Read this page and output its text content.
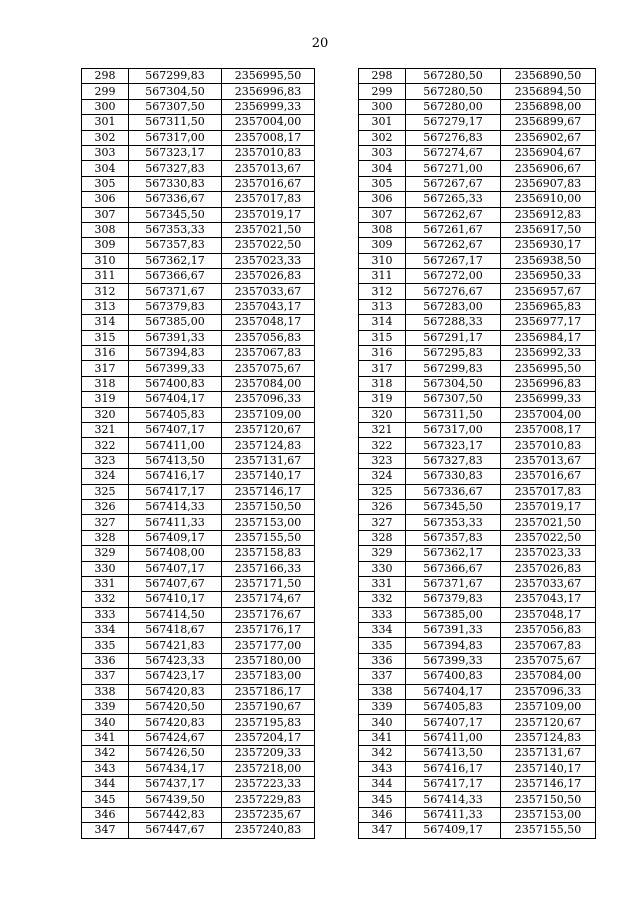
20
298	567299,83	2356995,50		298	567280,50	2356890,50
299	567304,50	2356996,83		299	567280,50	2356894,50
300	567307,50	2356999,33		300	567280,00	2356898,00
301	567311,50	2357004,00		301	567279,17	2356899,67
302	567317,00	2357008,17		302	567276,83	2356902,67
303	567323,17	2357010,83		303	567274,67	2356904,67
304	567327,83	2357013,67		304	567271,00	2356906,67
305	567330,83	2357016,67		305	567267,67	2356907,83
306	567336,67	2357017,83		306	567265,33	2356910,00
307	567345,50	2357019,17		307	567262,67	2356912,83
308	567353,33	2357021,50		308	567261,67	2356917,50
309	567357,83	2357022,50		309	567262,67	2356930,17
310	567362,17	2357023,33		310	567267,17	2356938,50
311	567366,67	2357026,83		311	567272,00	2356950,33
312	567371,67	2357033,67		312	567276,67	2356957,67
313	567379,83	2357043,17		313	567283,00	2356965,83
314	567385,00	2357048,17		314	567288,33	2356977,17
315	567391,33	2357056,83		315	567291,17	2356984,17
316	567394,83	2357067,83		316	567295,83	2356992,33
317	567399,33	2357075,67		317	567299,83	2356995,50
318	567400,83	2357084,00		318	567304,50	2356996,83
319	567404,17	2357096,33		319	567307,50	2356999,33
320	567405,83	2357109,00		320	567311,50	2357004,00
321	567407,17	2357120,67		321	567317,00	2357008,17
322	567411,00	2357124,83		322	567323,17	2357010,83
323	567413,50	2357131,67		323	567327,83	2357013,67
324	567416,17	2357140,17		324	567330,83	2357016,67
325	567417,17	2357146,17		325	567336,67	2357017,83
326	567414,33	2357150,50		326	567345,50	2357019,17
327	567411,33	2357153,00		327	567353,33	2357021,50
328	567409,17	2357155,50		328	567357,83	2357022,50
329	567408,00	2357158,83		329	567362,17	2357023,33
330	567407,17	2357166,33		330	567366,67	2357026,83
331	567407,67	2357171,50		331	567371,67	2357033,67
332	567410,17	2357174,67		332	567379,83	2357043,17
333	567414,50	2357176,67		333	567385,00	2357048,17
334	567418,67	2357176,17		334	567391,33	2357056,83
335	567421,83	2357177,00		335	567394,83	2357067,83
336	567423,33	2357180,00		336	567399,33	2357075,67
337	567423,17	2357183,00		337	567400,83	2357084,00
338	567420,83	2357186,17		338	567404,17	2357096,33
339	567420,50	2357190,67		339	567405,83	2357109,00
340	567420,83	2357195,83		340	567407,17	2357120,67
341	567424,67	2357204,17		341	567411,00	2357124,83
342	567426,50	2357209,33		342	567413,50	2357131,67
343	567434,17	2357218,00		343	567416,17	2357140,17
344	567437,17	2357223,33		344	567417,17	2357146,17
345	567439,50	2357229,83		345	567414,33	2357150,50
346	567442,83	2357235,67		346	567411,33	2357153,00
347	567447,67	2357240,83		347	567409,17	2357155,50
